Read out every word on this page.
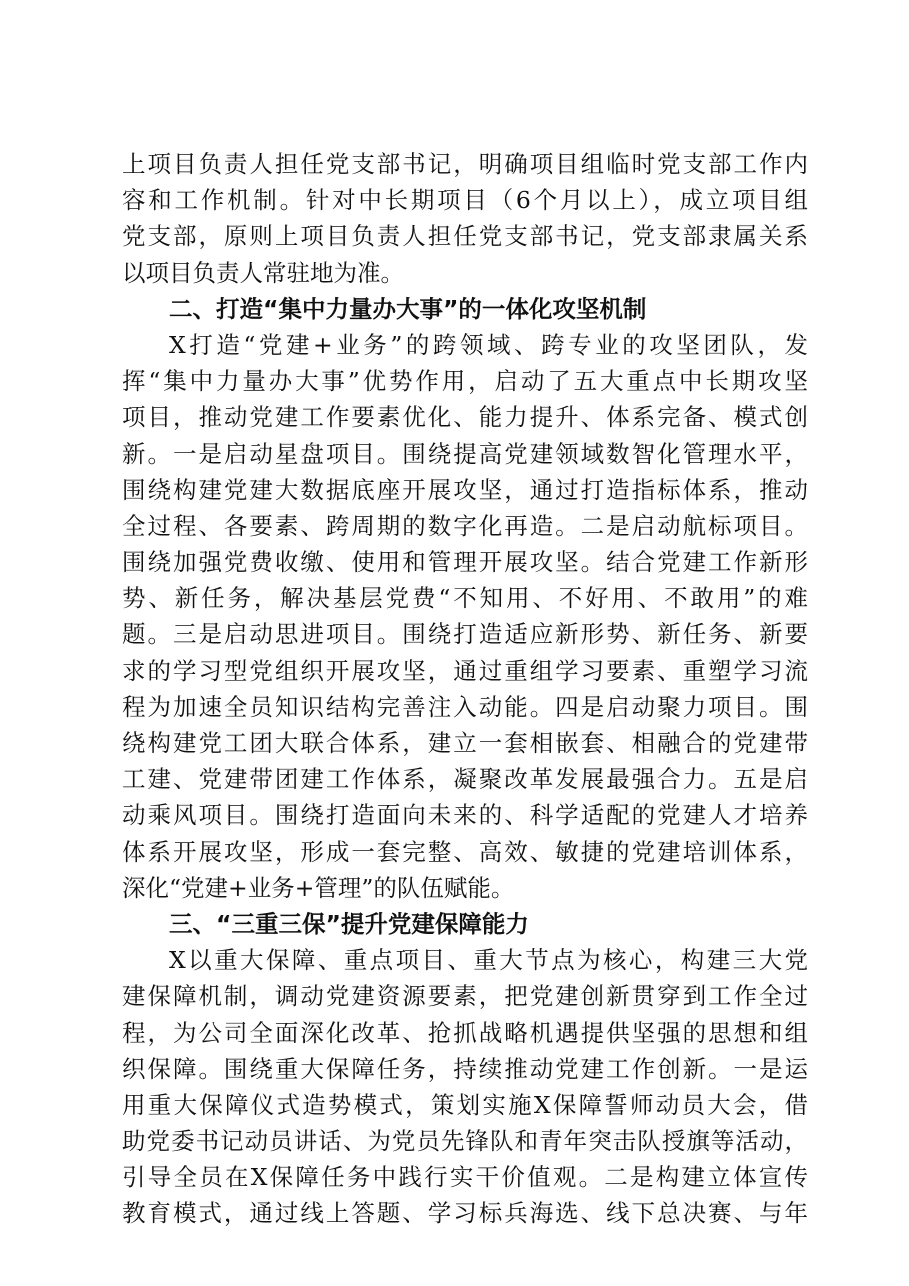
上项目负责人担任党支部书记，明确项目组临时党支部工作内
容和工作机制。针对中长期项目（6个月以上），成立项目组
党支部，原则上项目负责人担任党支部书记，党支部隶属关系
以项目负责人常驻地为准。
二、打造“集中力量办大事”的一体化攻坚机制
X打造“党建+业务”的跨领域、跨专业的攻坚团队，发
挥“集中力量办大事”优势作用，启动了五大重点中长期攻坚
项目，推动党建工作要素优化、能力提升、体系完备、模式创
新。一是启动星盘项目。围绕提高党建领域数智化管理水平，
围绕构建党建大数据底座开展攻坚，通过打造指标体系，推动
全过程、各要素、跨周期的数字化再造。二是启动航标项目。
围绕加强党费收缴、使用和管理开展攻坚。结合党建工作新形
势、新任务，解决基层党费“不知用、不好用、不敢用”的难
题。三是启动思进项目。围绕打造适应新形势、新任务、新要
求的学习型党组织开展攻坚，通过重组学习要素、重塑学习流
程为加速全员知识结构完善注入动能。四是启动聚力项目。围
绕构建党工团大联合体系，建立一套相嵌套、相融合的党建带
工建、党建带团建工作体系，凝聚改革发展最强合力。五是启
动乘风项目。围绕打造面向未来的、科学适配的党建人才培养
体系开展攻坚，形成一套完整、高效、敏捷的党建培训体系，
深化“党建+业务+管理”的队伍赋能。
三、“三重三保”提升党建保障能力
X以重大保障、重点项目、重大节点为核心，构建三大党
建保障机制，调动党建资源要素，把党建创新贯穿到工作全过
程，为公司全面深化改革、抢抓战略机遇提供坚强的思想和组
织保障。围绕重大保障任务，持续推动党建工作创新。一是运
用重大保障仪式造势模式，策划实施X保障誓师动员大会，借
助党委书记动员讲话、为党员先锋队和青年突击队授旗等活动，
引导全员在X保障任务中践行实干价值观。二是构建立体宣传
教育模式，通过线上答题、学习标兵海选、线下总决赛、与年
